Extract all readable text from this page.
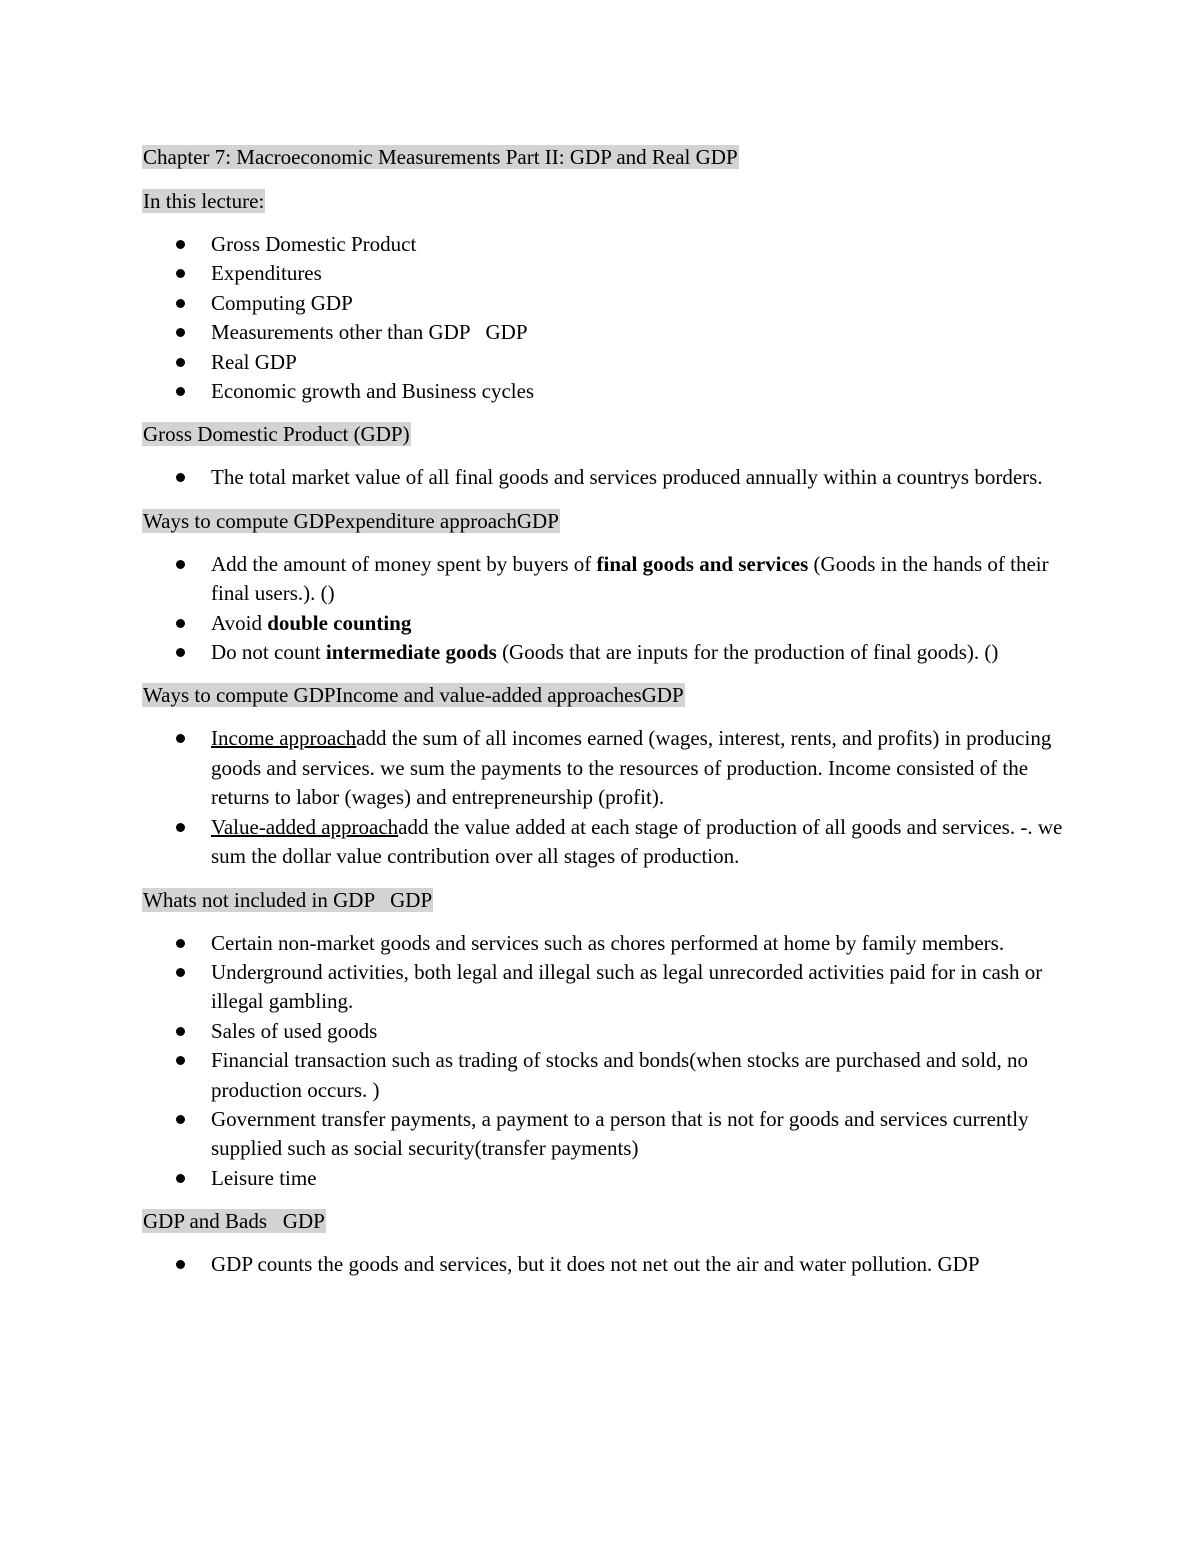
Chapter 7: Macroeconomic Measurements Part II: GDP and Real GDP
In this lecture:
Gross Domestic Product
Expenditures
Computing GDP
Measurements other than GDP   GDP
Real GDP
Economic growth and Business cycles
Gross Domestic Product (GDP)
The total market value of all final goods and services produced annually within a countrys borders.
Ways to compute GDPexpenditure approachGDP
Add the amount of money spent by buyers of final goods and services (Goods in the hands of their final users.). ()
Avoid double counting
Do not count intermediate goods (Goods that are inputs for the production of final goods). ()
Ways to compute GDPIncome and value-added approachesGDP
Income approachadd the sum of all incomes earned (wages, interest, rents, and profits) in producing goods and services. we sum the payments to the resources of production. Income consisted of the returns to labor (wages) and entrepreneurship (profit).
Value-added approachadd the value added at each stage of production of all goods and services. -. we sum the dollar value contribution over all stages of production.
Whats not included in GDP   GDP
Certain non-market goods and services such as chores performed at home by family members.
Underground activities, both legal and illegal such as legal unrecorded activities paid for in cash or illegal gambling.
Sales of used goods
Financial transaction such as trading of stocks and bonds(when stocks are purchased and sold, no production occurs. )
Government transfer payments, a payment to a person that is not for goods and services currently supplied such as social security(transfer payments)
Leisure time
GDP and Bads   GDP
GDP counts the goods and services, but it does not net out the air and water pollution. GDP
